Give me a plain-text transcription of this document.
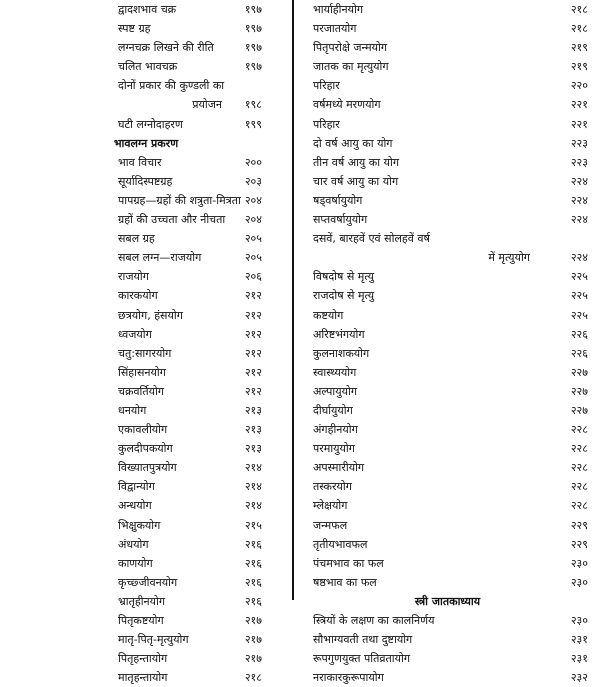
द्वादशभाव चक्र	१९७
स्पष्ट ग्रह	१९७
लग्नचक्र लिखने की रीति	१९७
चलित भावचक्र	१९७
दोनों प्रकार की कुण्डली का
प्रयोजन १९८
घटी लग्नोदाहरण	१९९
भावलग्न प्रकरण
भाव विचार	२००
सूर्यादिस्पष्टग्रह	२०३
पापग्रह—ग्रहों की शत्रुता-मित्रता २०४
ग्रहों की उच्चता और नीचता २०४
सबल ग्रह	२०५
सबल लग्न—राजयोग	२०५
राजयोग	२०६
कारकयोग	२१२
छत्रयोग, हंसयोग	२१२
ध्वजयोग	२१२
चतु:सागरयोग	२१२
सिंहासनयोग	२१२
चक्रवर्तियोग	२१२
धनयोग	२१३
एकावलीयोग	२१३
कुलदीपकयोग	२१३
विख्यातपुत्रयोग	२१४
विद्वान्योग	२१४
अन्धयोग	२१४
भिक्षुकयोग	२१५
अंधयोग	२१६
काणयोग	२१६
कृच्छ्जीवनयोग	२१६
भ्रातृहीनयोग	२१६
पितृकष्टयोग	२१७
मातृ-पितृ-मृत्युयोग	२१७
पितृहन्तायोग	२१७
मातृहन्तायोग	२१८
भार्याहीनयोग	२१८
परजातयोग	२१८
पितृपरोक्षे जन्मयोग	२१९
जातक का मृत्युयोग	२१९
परिहार	२२०
वर्षमध्ये मरणयोग	२२१
परिहार	२२१
दो वर्ष आयु का योग	२२३
तीन वर्ष आयु का योग	२२३
चार वर्ष आयु का योग	२२४
षड्वर्षायुयोग	२२४
सप्तवर्षायुयोग	२२४
दसवें, बारहवें एवं सोलहवें वर्ष
में मृत्युयोग	२२४
विषदोष से मृत्यु	२२५
राजदोष से मृत्यु	२२५
कष्टयोग	२२५
अरिष्टभंगयोग	२२६
कुलनाशकयोग	२२६
स्वास्थ्ययोग	२२७
अल्पायुयोग	२२७
दीर्घायुयोग	२२७
अंगहीनयोग	२२८
परमायुयोग	२२८
अपस्मारीयोग	२२८
तस्करयोग	२२८
म्लेक्षयोग	२२८
जन्मफल	२२९
तृतीयभावफल	२२९
पंचमभाव का फल	२३०
षष्ठभाव का फल	२३०
स्त्री जातकाध्याय
स्त्रियों के लक्षण का कालनिर्णय	२३०
सौभाग्यवती तथा दुष्टायोग	२३१
रूपगुणयुक्त पतिव्रतायोग	२३१
नराकारकुरूपायोग	२३२
